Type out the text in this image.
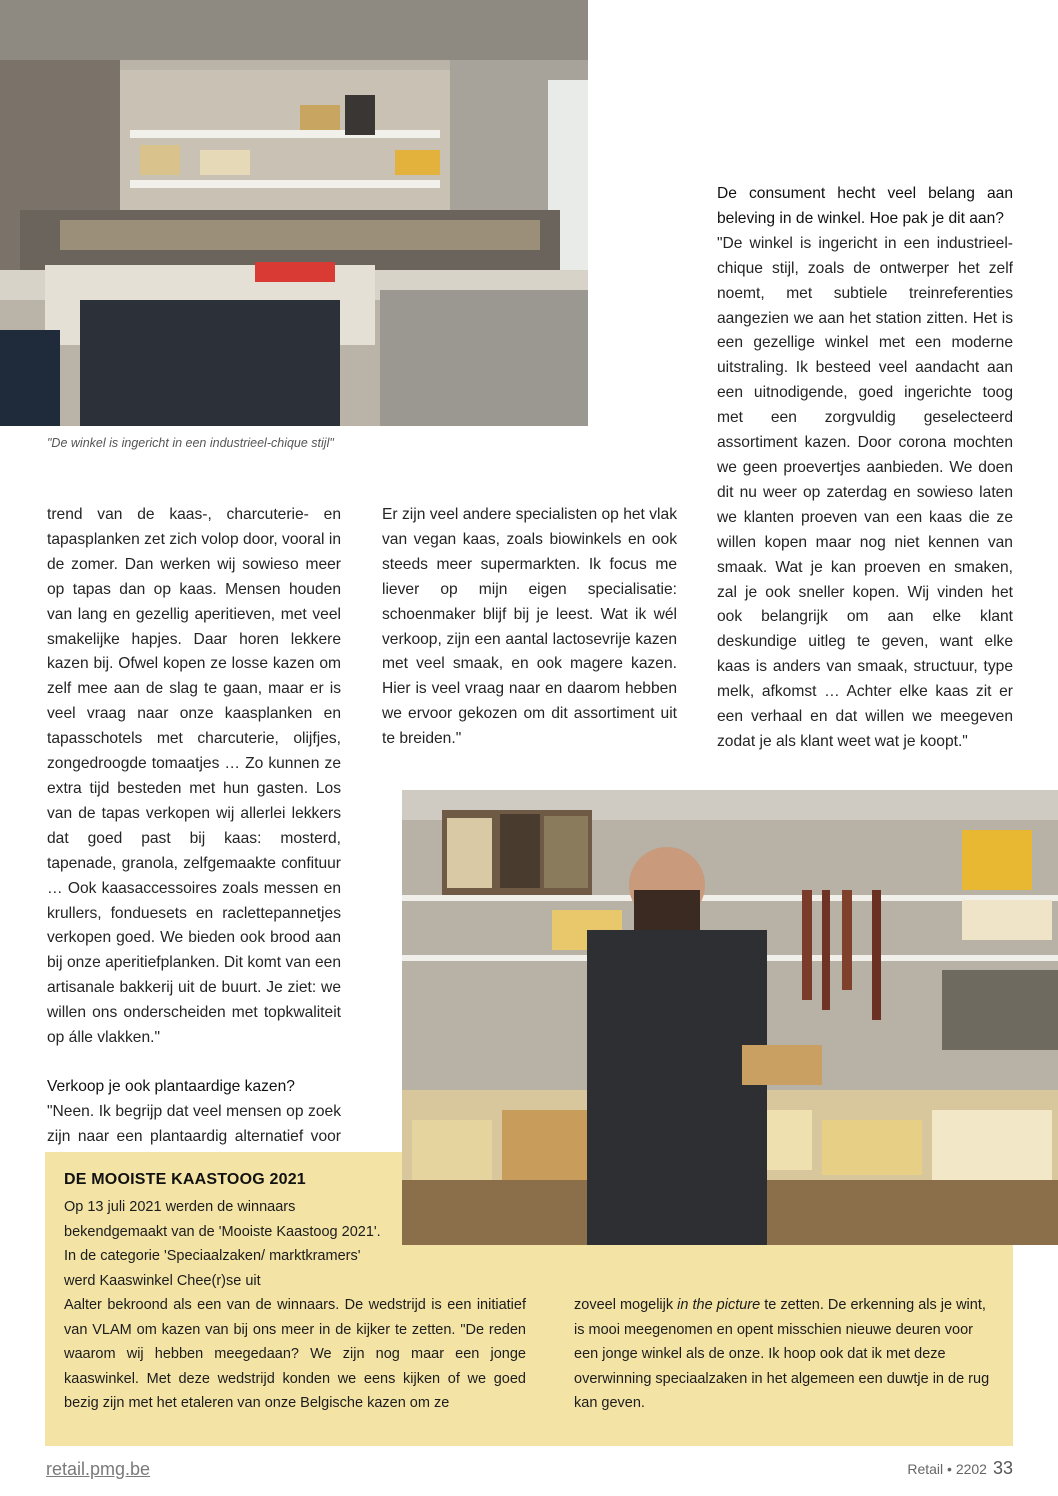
"De winkel is ingericht in een industrieel-chique stijl"

De consument hecht veel belang aan beleving in de winkel. Hoe pak je dit aan?

"De winkel is ingericht in een industrieel-chique stijl, zoals de ontwerper het zelf noemt, met subtiele treinreferenties aangezien we aan het station zitten. Het is een gezellige winkel met een moderne uitstraling. Ik besteed veel aandacht aan een uitnodigende, goed ingerichte toog met een zorgvuldig geselecteerd assortiment kazen. Door corona mochten we geen proevertjes aanbieden. We doen dit nu weer op zaterdag en sowieso laten we klanten proeven van een kaas die ze willen kopen maar nog niet kennen van smaak. Wat je kan proeven en smaken, zal je ook sneller kopen. Wij vinden het ook belangrijk om aan elke klant deskundige uitleg te geven, want elke kaas is anders van smaak, structuur, type melk, afkomst … Achter elke kaas zit er een verhaal en dat willen we meegeven zodat je als klant weet wat je koopt."

trend van de kaas-, charcuterie- en tapasplanken zet zich volop door, vooral in de zomer. Dan werken wij sowieso meer op tapas dan op kaas. Mensen houden van lang en gezellig aperitieven, met veel smakelijke hapjes. Daar horen lekkere kazen bij. Ofwel kopen ze losse kazen om zelf mee aan de slag te gaan, maar er is veel vraag naar onze kaasplanken en tapasschotels met charcuterie, olijfjes, zongedroogde tomaatjes … Zo kunnen ze extra tijd besteden met hun gasten. Los van de tapas verkopen wij allerlei lekkers dat goed past bij kaas: mosterd, tapenade, granola, zelfgemaakte confituur … Ook kaasaccessoires zoals messen en krullers, fonduesets en raclettepannetjes verkopen goed. We bieden ook brood aan bij onze aperitiefplanken. Dit komt van een artisanale bakkerij uit de buurt. Je ziet: we willen ons onderscheiden met topkwaliteit op álle vlakken."

Verkoop je ook plantaardige kazen?

"Neen. Ik begrijp dat veel mensen op zoek zijn naar een plantaardig alternatief voor

Er zijn veel andere specialisten op het vlak van vegan kaas, zoals biowinkels en ook steeds meer supermarkten. Ik focus me liever op mijn eigen specialisatie: schoenmaker blijf bij je leest. Wat ik wél verkoop, zijn een aantal lactosevrije kazen met veel smaak, en ook magere kazen. Hier is veel vraag naar en daarom hebben we ervoor gekozen om dit assortiment uit te breiden."

DE MOOISTE KAASTOOG 2021
Op 13 juli 2021 werden de winnaars bekendgemaakt van de 'Mooiste Kaastoog 2021'. In de categorie 'Speciaalzaken/ marktkramers' werd Kaaswinkel Chee(r)se uit
Aalter bekroond als een van de winnaars. De wedstrijd is een initiatief van VLAM om kazen van bij ons meer in de kijker te zetten. "De reden waarom wij hebben meegedaan? We zijn nog maar een jonge kaaswinkel. Met deze wedstrijd konden we eens kijken of we goed bezig zijn met het etaleren van onze Belgische kazen om ze
zoveel mogelijk in the picture te zetten. De erkenning als je wint, is mooi meegenomen en opent misschien nieuwe deuren voor een jonge winkel als de onze. Ik hoop ook dat ik met deze overwinning speciaalzaken in het algemeen een duwtje in de rug kan geven.
retail.pmg.be	Retail • 2202 33
